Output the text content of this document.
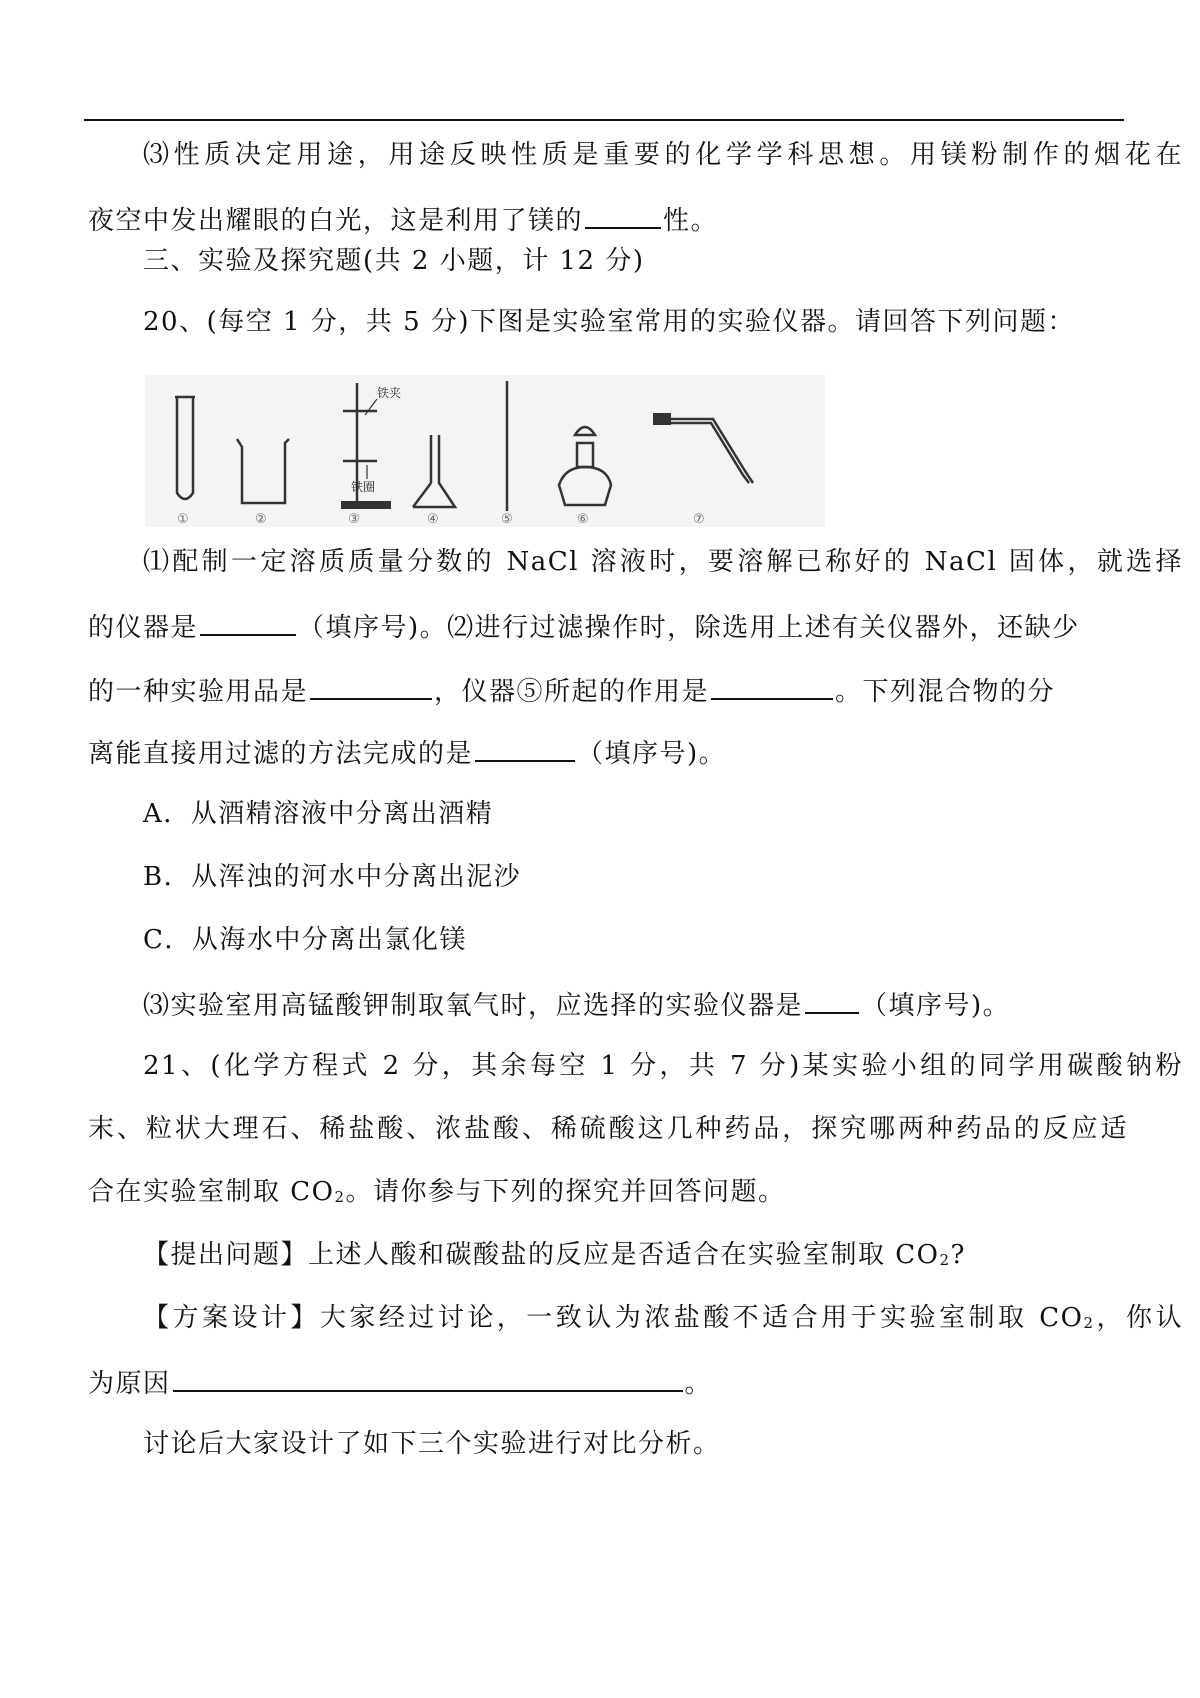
⑶性质决定用途，用途反映性质是重要的化学学科思想。用镁粉制作的烟花在
夜空中发出耀眼的白光，这是利用了镁的	性。
三、实验及探究题(共 2 小题，计 12 分)
20、(每空 1 分，共 5 分)下图是实验室常用的实验仪器。请回答下列问题：
铁夹
铁圈
①	②	③	④	⑤	⑥	⑦
⑴配制一定溶质质量分数的 NaCl 溶液时，要溶解已称好的 NaCl 固体，就选择
的仪器是	（填序号)。⑵进行过滤操作时，除选用上述有关仪器外，还缺少
的一种实验用品是	，仪器⑤所起的作用是	。下列混合物的分
离能直接用过滤的方法完成的是	（填序号)。
A．从酒精溶液中分离出酒精
B．从浑浊的河水中分离出泥沙
C．从海水中分离出氯化镁
⑶实验室用高锰酸钾制取氧气时，应选择的实验仪器是 （填序号)。
21、(化学方程式 2 分，其余每空 1 分，共 7 分)某实验小组的同学用碳酸钠粉
末、粒状大理石、稀盐酸、浓盐酸、稀硫酸这几种药品，探究哪两种药品的反应适
合在实验室制取 $CO_2$。请你参与下列的探究并回答问题。
【提出问题】上述人酸和碳酸盐的反应是否适合在实验室制取 $CO_2$?
【方案设计】大家经过讨论，一致认为浓盐酸不适合用于实验室制取 $CO_2$，你认
为原因	。
讨论后大家设计了如下三个实验进行对比分析。
